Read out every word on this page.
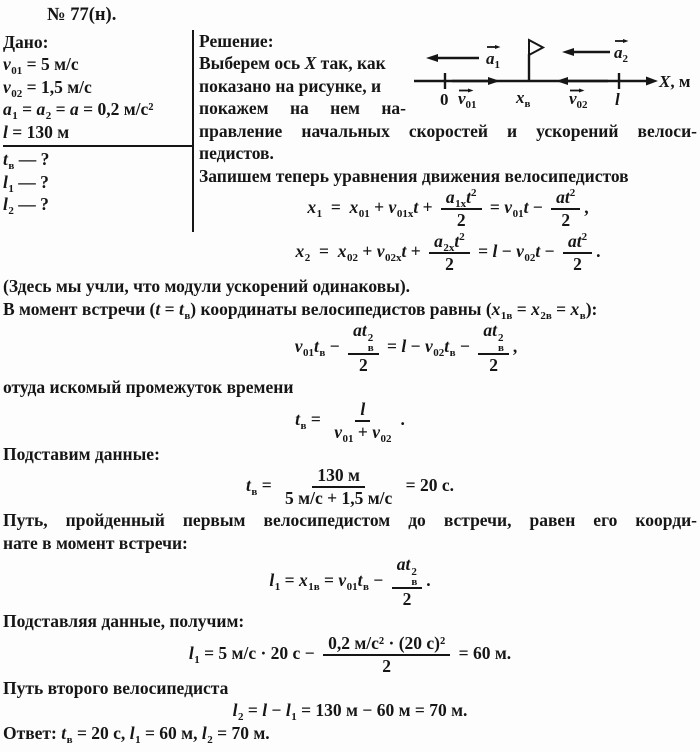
№ 77(н).
Дано:
$v_{01} = 5$ м/с
$v_{02} = 1,5$ м/с
$a_1 = a_2 = a = 0,2$ м/с²
l = 130 м
$t_в$ — ?
$l_1$ — ?
$l_2$ — ?
X, м
0 $v_{01}$ $x_в$ $v_{02}$ l
$a_1$
$a_2$
Решение:
Выберем ось X так, как
показано на рисунке, и
покажем на нем на-
правление начальных скоростей и ускорений велоси-
педистов.
Запишем теперь уравнения движения велосипедистов
$x_1 = x_{01} + v_{01x}t + \frac{a_{1x}t^2}{2} = v_{01}t - \frac{at^2}{2}$ ,
$x_2 = x_{02} + v_{02x}t + \frac{a_{2x}t^2}{2} = l - v_{02}t - \frac{at^2}{2}$ .
(Здесь мы учли, что модули ускорений одинаковы).
В момент встречи $(t = t_в)$ координаты велосипедистов равны $(x_{1в} = x_{2в} = x_в)$:
$v_{01}t_в$ − at 2
в
$2 = l - v_{02}t_в$ − at 2
в
2 ,
отуда искомый промежуток времени
$t_в = \frac{l}{v_{01} + v_{02}}$ .
Подставим данные:
$t_в = \frac{130 м}{5 м/с + 1,5 м/с} = 20$ с.
Путь, пройденный первым велосипедистом до встречи, равен его коорди-
нате в момент встречи:
$l_1 = x_{1в} = v_{01}t_в$ − at 2
в
2 .
Подставляя данные, получим:
$l_1 = 5$ м/с · 20 $с - \frac{\text{0,2 м/с² · (20 с)²}}{2} = 60$ м.
Путь второго велосипедиста
$l_2 = l - l_1 = 130$ м − 60 м = 70 м.
Ответ: $t_в = 20$ с, $l_1 = 60$ м, $l_2 = 70$ м.
